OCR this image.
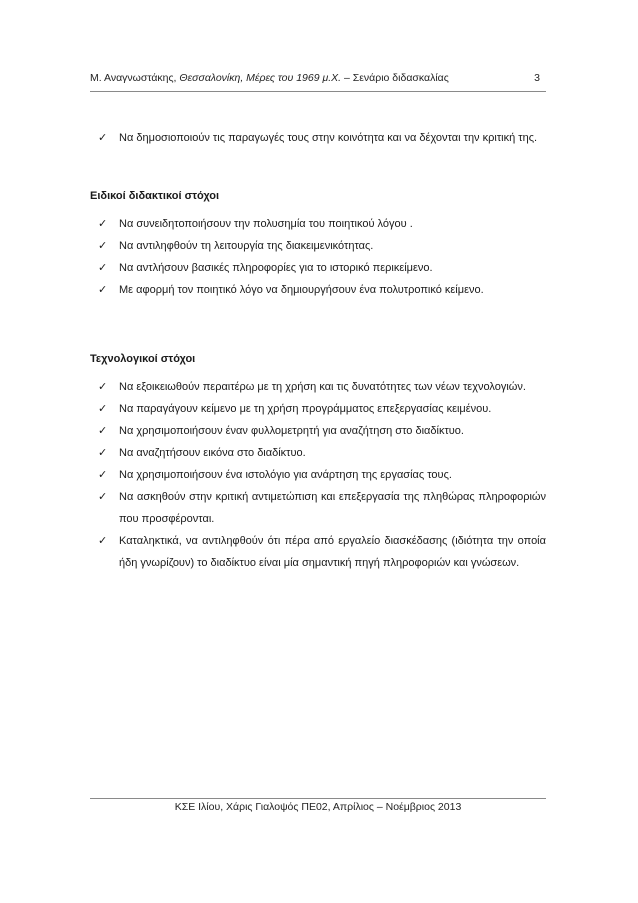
Μ. Αναγνωστάκης, Θεσσαλονίκη, Μέρες του 1969 μ.Χ. – Σενάριο διδασκαλίας	3
✓ Να δημοσιοποιούν τις παραγωγές τους στην κοινότητα και να δέχονται την κριτική της.
Ειδικοί διδακτικοί στόχοι
✓ Να συνειδητοποιήσουν την πολυσημία του ποιητικού λόγου .
✓ Να αντιληφθούν τη λειτουργία της διακειμενικότητας.
✓ Να αντλήσουν βασικές πληροφορίες για το ιστορικό περικείμενο.
✓ Με αφορμή τον ποιητικό λόγο να δημιουργήσουν ένα πολυτροπικό κείμενο.
Τεχνολογικοί στόχοι
✓ Να εξοικειωθούν περαιτέρω με τη χρήση και τις δυνατότητες των νέων τεχνολογιών.
✓ Να παραγάγουν κείμενο με τη χρήση προγράμματος επεξεργασίας κειμένου.
✓ Να χρησιμοποιήσουν έναν φυλλομετρητή για αναζήτηση στο διαδίκτυο.
✓ Να αναζητήσουν εικόνα στο διαδίκτυο.
✓ Να χρησιμοποιήσουν ένα ιστολόγιο για ανάρτηση της εργασίας τους.
✓ Να ασκηθούν στην κριτική αντιμετώπιση και επεξεργασία της πληθώρας πληροφοριών που προσφέρονται.
✓ Καταληκτικά, να αντιληφθούν ότι πέρα από εργαλείο διασκέδασης (ιδιότητα την οποία ήδη γνωρίζουν) το διαδίκτυο είναι μία σημαντική πηγή πληροφοριών και γνώσεων.
ΚΣΕ Ιλίου, Χάρις Γιαλοψός ΠΕ02, Απρίλιος – Νοέμβριος 2013
